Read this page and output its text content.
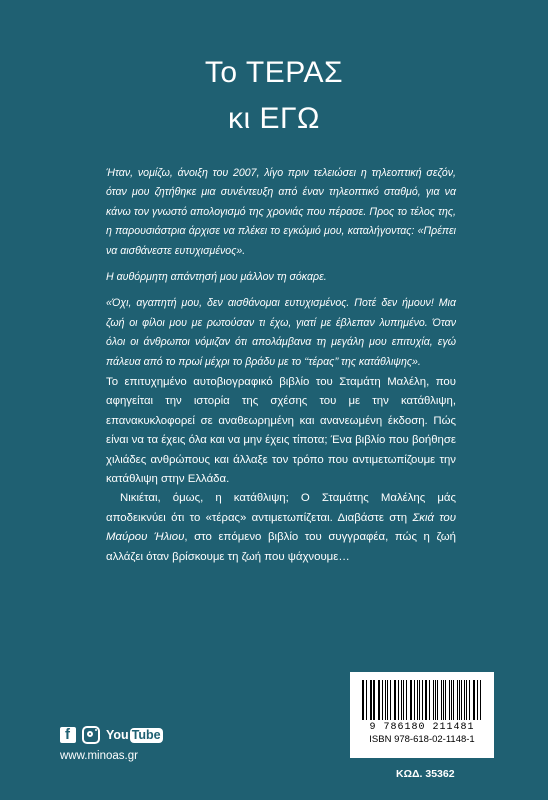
Το ΤΕΡΑΣ
κι ΕΓΩ

Ήταν, νομίζω, άνοιξη του 2007, λίγο πριν τελειώσει η τηλεοπτική σεζόν, όταν μου ζητήθηκε μια συνέντευξη από έναν τηλεοπτικό σταθμό, για να κάνω τον γνωστό απολογισμό της χρονιάς που πέρασε. Προς το τέλος της, η παρουσιάστρια άρχισε να πλέκει το εγκώμιό μου, καταλήγοντας: «Πρέπει να αισθάνεστε ευτυχισμένος».

Η αυθόρμητη απάντησή μου μάλλον τη σόκαρε.

«Όχι, αγαπητή μου, δεν αισθάνομαι ευτυχισμένος. Ποτέ δεν ήμουν! Μια ζωή οι φίλοι μου με ρωτούσαν τι έχω, γιατί με έβλεπαν λυπημένο. Όταν όλοι οι άνθρωποι νόμιζαν ότι απολάμβανα τη μεγάλη μου επιτυχία, εγώ πάλευα από το πρωί μέχρι το βράδυ με το ‘‘τέρας’’ της κατάθλιψης».

Το επιτυχημένο αυτοβιογραφικό βιβλίο του Σταμάτη Μαλέλη, που αφηγείται την ιστορία της σχέσης του με την κατάθλιψη, επανακυκλοφορεί σε αναθεωρημένη και ανανεωμένη έκδοση. Πώς είναι να τα έχεις όλα και να μην έχεις τίποτα; Ένα βιβλίο που βοήθησε χιλιάδες ανθρώπους και άλλαξε τον τρόπο που αντιμετωπίζουμε την κατάθλιψη στην Ελλάδα.

Νικιέται, όμως, η κατάθλιψη; Ο Σταμάτης Μαλέλης μάς αποδεικνύει ότι το «τέρας» αντιμετωπίζεται. Διαβάστε στη Σκιά του Μαύρου Ήλιου, στο επόμενο βιβλίο του συγγραφέα, πώς η ζωή αλλάζει όταν βρίσκουμε τη ζωή που ψάχνουμε…

f
You Tube
www.minoas.gr
9 786180 211481
ISBN 978-618-02-1148-1
ΚΩΔ. 35362
